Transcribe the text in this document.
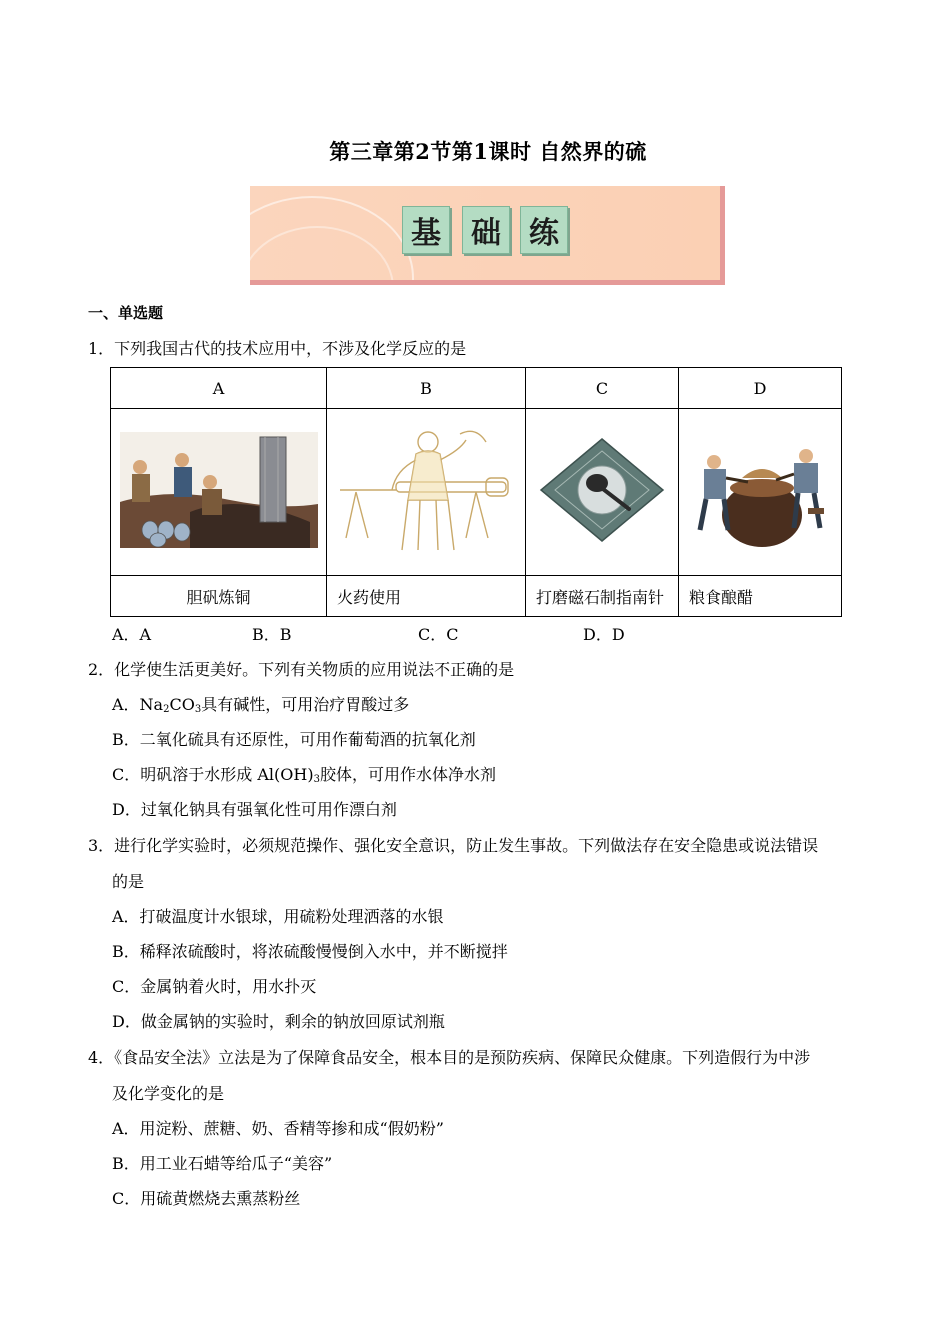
第三章第2节第1课时 自然界的硫
基	础 练
一、单选题
1．下列我国古代的技术应用中，不涉及化学反应的是
A	B	C	D

胆矾炼铜	火药使用	打磨磁石制指南针	粮食酿醋
A．A	B．B	C．C	D．D
2．化学使生活更美好。下列有关物质的应用说法不正确的是
A．$Na_2CO_3$具有碱性，可用治疗胃酸过多
B．二氧化硫具有还原性，可用作葡萄酒的抗氧化剂
C．明矾溶于水形成 $Al(OH)_3$胶体，可用作水体净水剂
D．过氧化钠具有强氧化性可用作漂白剂
3．进行化学实验时，必须规范操作、强化安全意识，防止发生事故。下列做法存在安全隐患或说法错误
的是
A．打破温度计水银球，用硫粉处理洒落的水银
B．稀释浓硫酸时，将浓硫酸慢慢倒入水中，并不断搅拌
C．金属钠着火时，用水扑灭
D．做金属钠的实验时，剩余的钠放回原试剂瓶
4．《食品安全法》立法是为了保障食品安全，根本目的是预防疾病、保障民众健康。下列造假行为中涉
及化学变化的是
A．用淀粉、蔗糖、奶、香精等掺和成“假奶粉”
B．用工业石蜡等给瓜子“美容”
C．用硫黄燃烧去熏蒸粉丝
